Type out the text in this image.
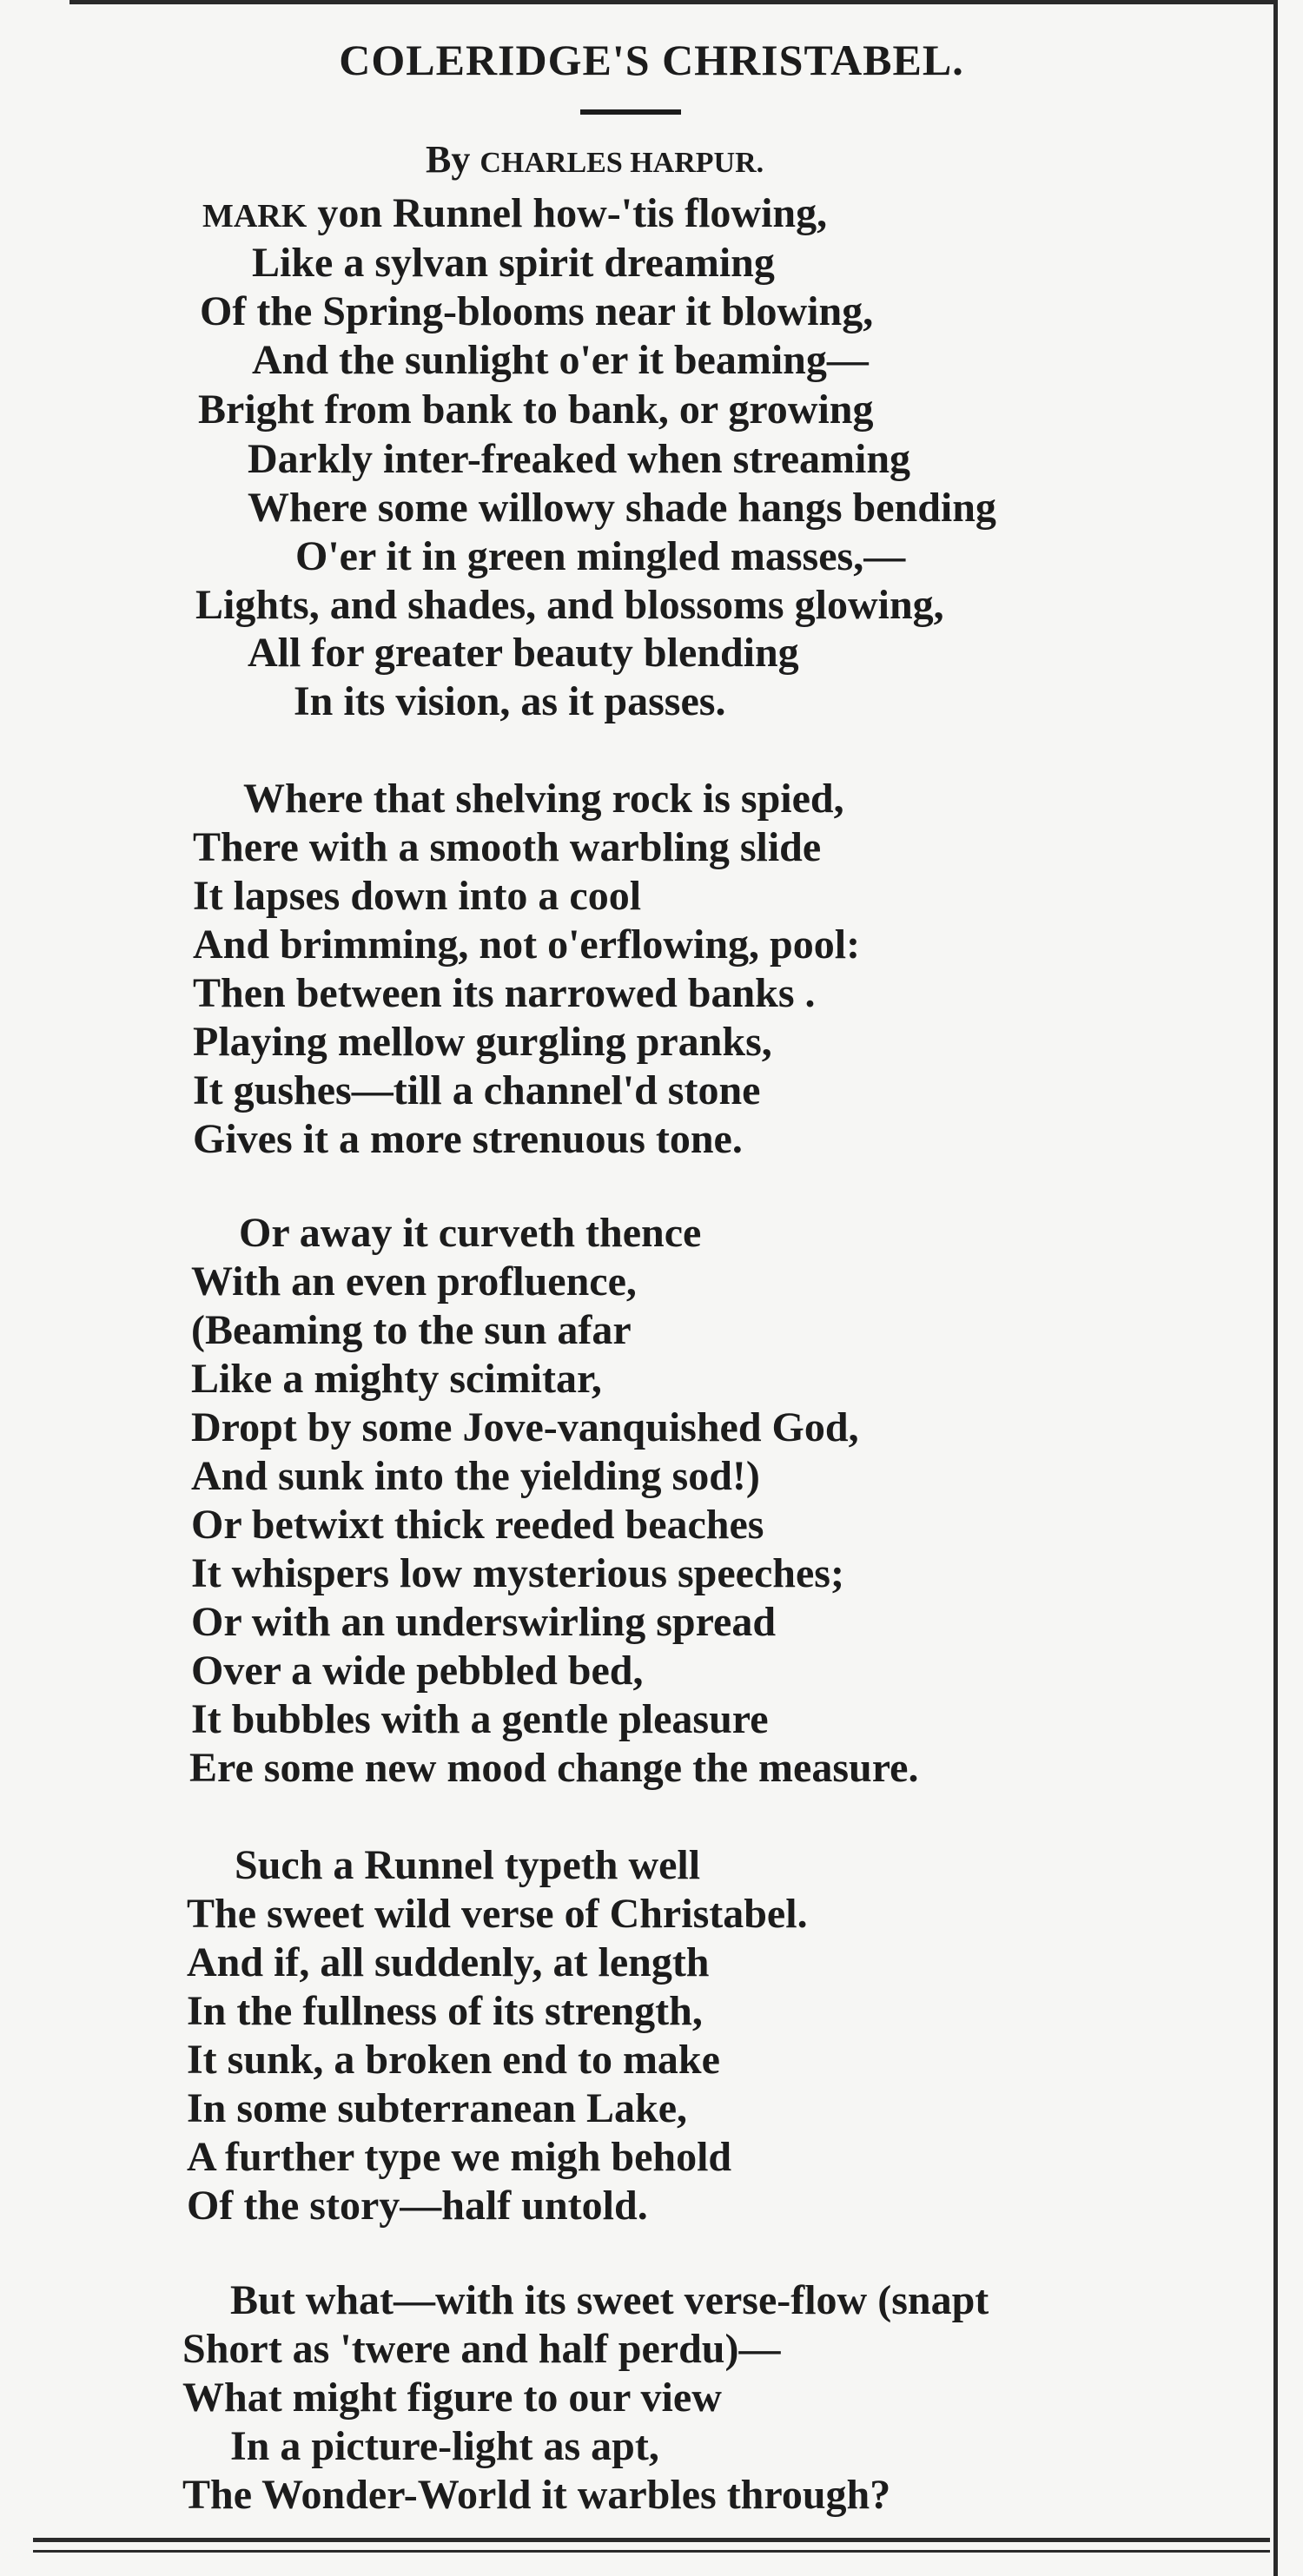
COLERIDGE'S CHRISTABEL.
By CHARLES HARPUR.
MARK yon Runnel how-'tis flowing,
Like a sylvan spirit dreaming
Of the Spring-blooms near it blowing,
And the sunlight o'er it beaming—
Bright from bank to bank, or growing
Darkly inter-freaked when streaming
Where some willowy shade hangs bending
O'er it in green mingled masses,—
Lights, and shades, and blossoms glowing,
All for greater beauty blending
In its vision, as it passes.
Where that shelving rock is spied,
There with a smooth warbling slide
It lapses down into a cool
And brimming, not o'erflowing, pool:
Then between its narrowed banks .
Playing mellow gurgling pranks,
It gushes—till a channel'd stone
Gives it a more strenuous tone.
Or away it curveth thence
With an even profluence,
(Beaming to the sun afar
Like a mighty scimitar,
Dropt by some Jove-vanquished God,
And sunk into the yielding sod!)
Or betwixt thick reeded beaches
It whispers low mysterious speeches;
Or with an underswirling spread
Over a wide pebbled bed,
It bubbles with a gentle pleasure
Ere some new mood change the measure.
Such a Runnel typeth well
The sweet wild verse of Christabel.
And if, all suddenly, at length
In the fullness of its strength,
It sunk, a broken end to make
In some subterranean Lake,
A further type we migh behold
Of the story—half untold.
But what—with its sweet verse-flow (snapt
Short as 'twere and half perdu)—
What might figure to our view
In a picture-light as apt,
The Wonder-World it warbles through?
